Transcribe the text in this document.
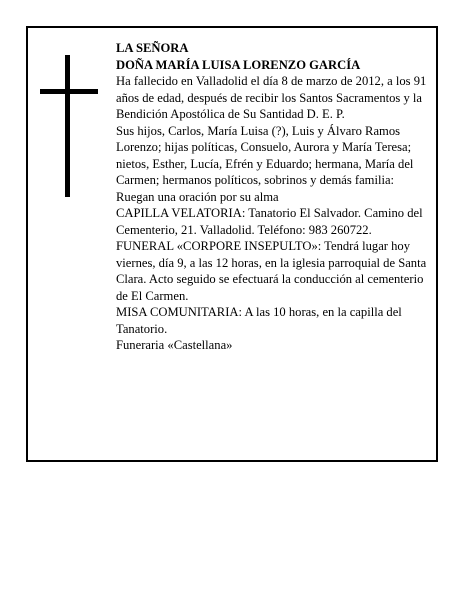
LA SEÑORA

DOÑA MARÍA LUISA LORENZO GARCÍA

Ha fallecido en Valladolid el día 8 de marzo de 2012, a los 91 años de edad, después de recibir los Santos Sacramentos y la Bendición Apostólica de Su Santidad D. E. P.

Sus hijos, Carlos, María Luisa (?), Luis y Álvaro Ramos Lorenzo; hijas políticas, Consuelo, Aurora y María Teresa; nietos, Esther, Lucía, Efrén y Eduardo; hermana, María del Carmen; hermanos políticos, sobrinos y demás familia:

Ruegan una oración por su alma

CAPILLA VELATORIA: Tanatorio El Salvador. Camino del Cementerio, 21. Valladolid. Teléfono: 983 260722.

FUNERAL «CORPORE INSEPULTO»: Tendrá lugar hoy viernes, día 9, a las 12 horas, en la iglesia parroquial de Santa Clara. Acto seguido se efectuará la conducción al cementerio de El Carmen.

MISA COMUNITARIA: A las 10 horas, en la capilla del Tanatorio.

Funeraria «Castellana»
